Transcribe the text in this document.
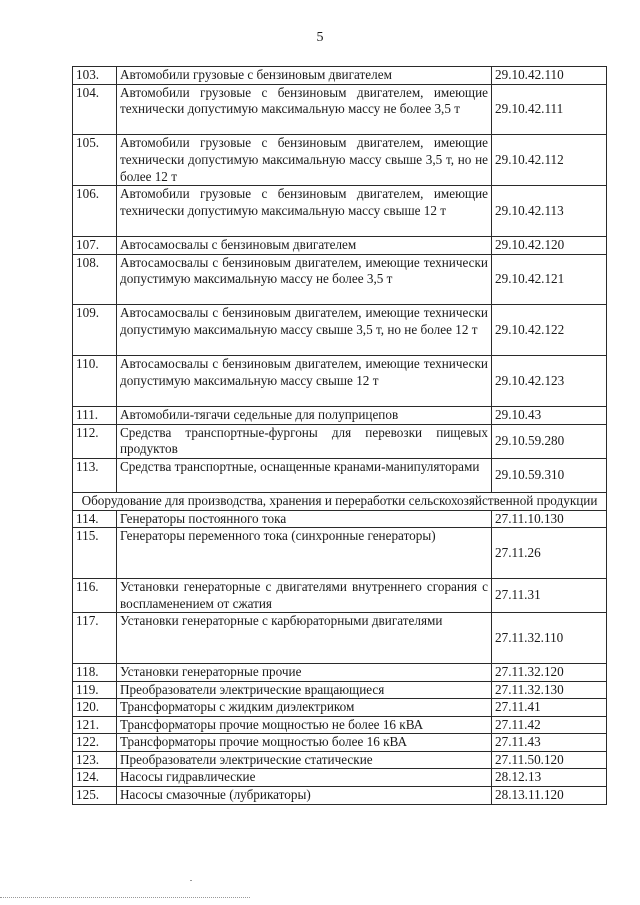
5
103.	Автомобили грузовые с бензиновым двигателем	29.10.42.110
104.	Автомобили грузовые с бензиновым двигателем, имеющие технически допустимую максимальную массу не более 3,5 т	29.10.42.111
105.	Автомобили грузовые с бензиновым двигателем, имеющие технически допустимую максимальную массу свыше 3,5 т, но не более 12 т	29.10.42.112
106.	Автомобили грузовые с бензиновым двигателем, имеющие технически допустимую максимальную массу свыше 12 т	29.10.42.113
107.	Автосамосвалы с бензиновым двигателем	29.10.42.120
108.	Автосамосвалы с бензиновым двигателем, имеющие технически допустимую максимальную массу не более 3,5 т	29.10.42.121
109.	Автосамосвалы с бензиновым двигателем, имеющие технически допустимую максимальную массу свыше 3,5 т, но не более 12 т	29.10.42.122
110.	Автосамосвалы с бензиновым двигателем, имеющие технически допустимую максимальную массу свыше 12 т	29.10.42.123
111.	Автомобили-тягачи седельные для полуприцепов	29.10.43
112.	Средства транспортные-фургоны для перевозки пищевых продуктов	29.10.59.280
113.	Средства транспортные, оснащенные кранами-манипуляторами	29.10.59.310
Оборудование для производства, хранения и переработки сельскохозяйственной продукции		
114.	Генераторы постоянного тока	27.11.10.130
115.	Генераторы переменного тока (синхронные генераторы)	27.11.26
116.	Установки генераторные с двигателями внутреннего сгорания с воспламенением от сжатия	27.11.31
117.	Установки генераторные с карбюраторными двигателями	27.11.32.110
118.	Установки генераторные прочие	27.11.32.120
119.	Преобразователи электрические вращающиеся	27.11.32.130
120.	Трансформаторы с жидким диэлектриком	27.11.41
121.	Трансформаторы прочие мощностью не более 16 кВА	27.11.42
122.	Трансформаторы прочие мощностью более 16 кВА	27.11.43
123.	Преобразователи электрические статические	27.11.50.120
124.	Насосы гидравлические	28.12.13
125.	Насосы смазочные (лубрикаторы)	28.13.11.120
